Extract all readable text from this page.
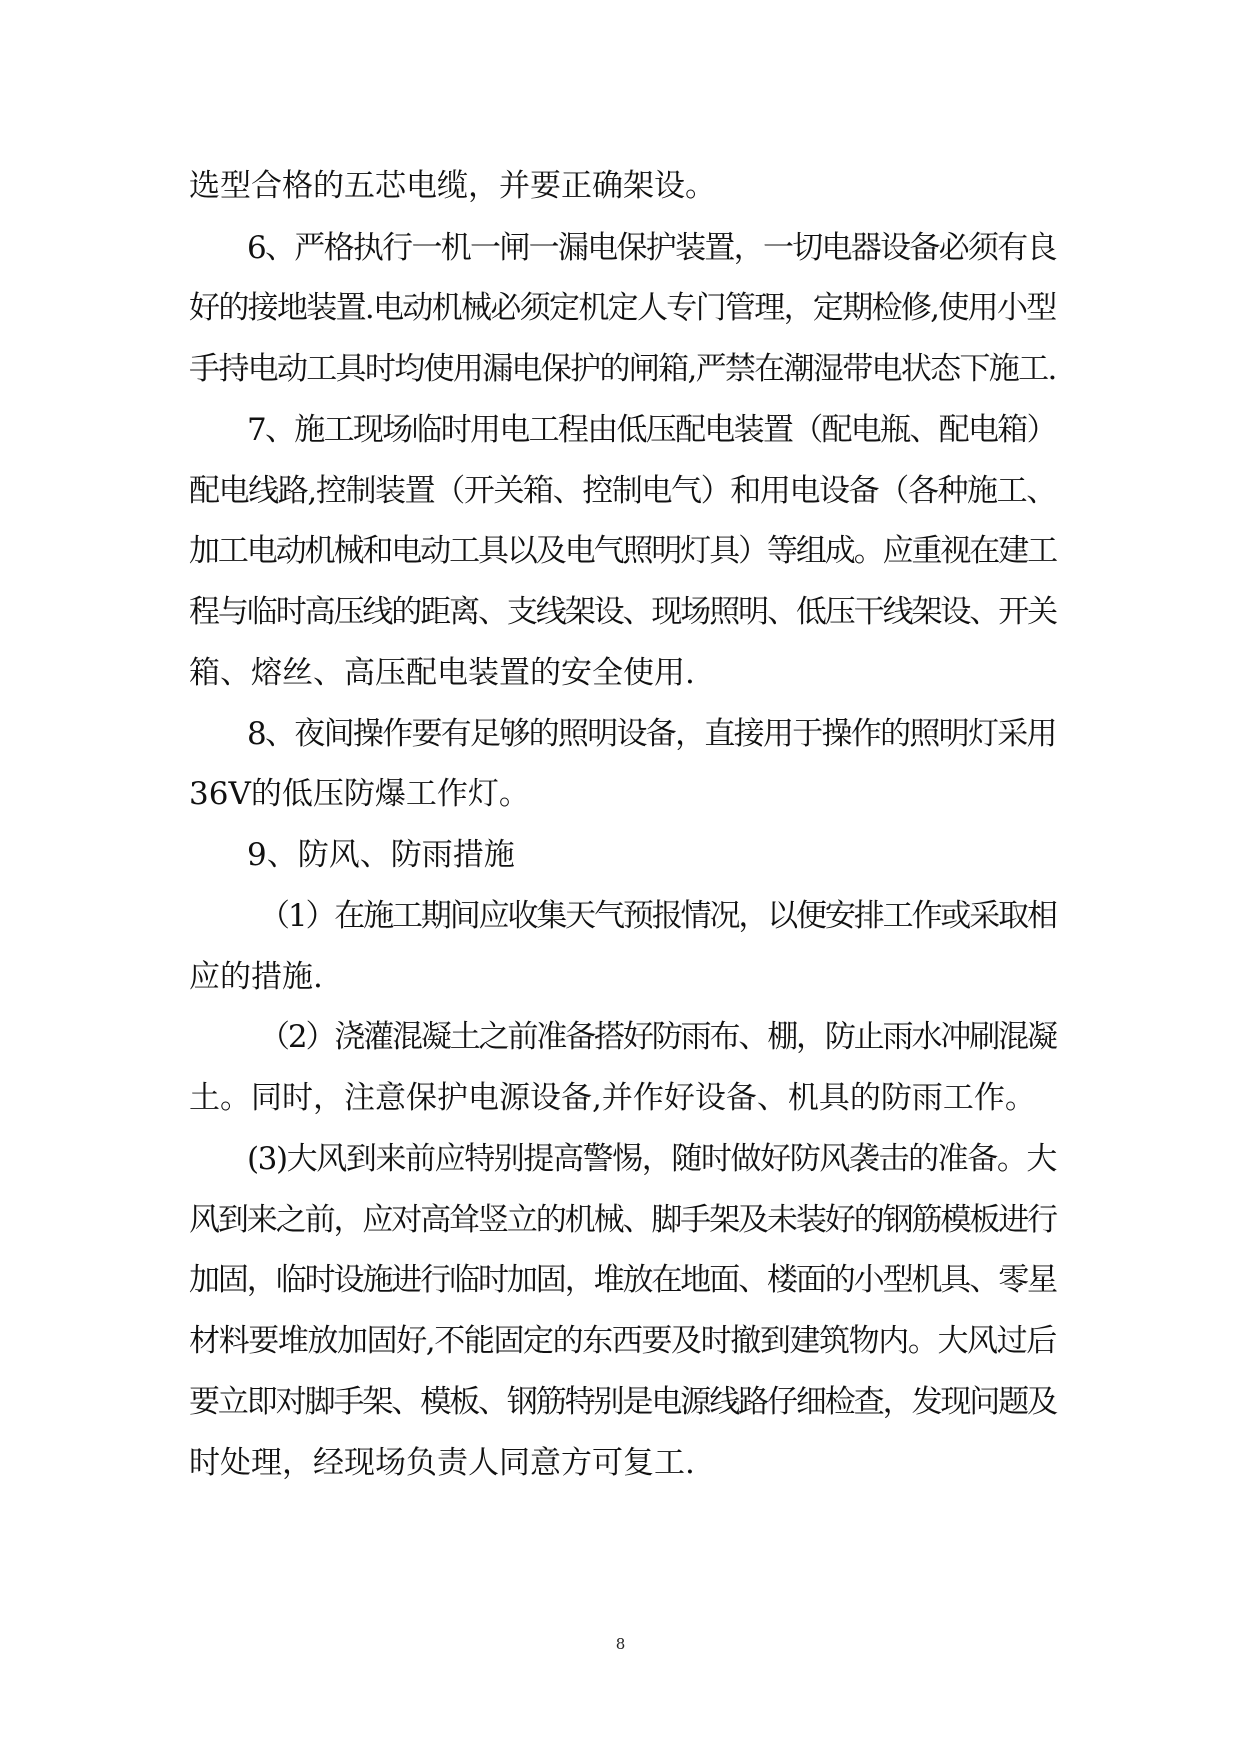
选型合格的五芯电缆，并要正确架设。
6、严格执行一机一闸一漏电保护装置，一切电器设备必须有良
好的接地装置.电动机械必须定机定人专门管理，定期检修,使用小型
手持电动工具时均使用漏电保护的闸箱,严禁在潮湿带电状态下施工.
7、施工现场临时用电工程由低压配电装置（配电瓶、配电箱）
配电线路,控制装置（开关箱、控制电气）和用电设备（各种施工、
加工电动机械和电动工具以及电气照明灯具）等组成。应重视在建工
程与临时高压线的距离、支线架设、现场照明、低压干线架设、开关
箱、熔丝、高压配电装置的安全使用.
8、夜间操作要有足够的照明设备，直接用于操作的照明灯采用
36V的低压防爆工作灯。
9、防风、防雨措施
（1）在施工期间应收集天气预报情况，以便安排工作或采取相
应的措施.
（2）浇灌混凝土之前准备搭好防雨布、棚，防止雨水冲刷混凝
土。同时，注意保护电源设备,并作好设备、机具的防雨工作。
(3)大风到来前应特别提高警惕，随时做好防风袭击的准备。大
风到来之前，应对高耸竖立的机械、脚手架及未装好的钢筋模板进行
加固，临时设施进行临时加固，堆放在地面、楼面的小型机具、零星
材料要堆放加固好,不能固定的东西要及时撤到建筑物内。大风过后
要立即对脚手架、模板、钢筋特别是电源线路仔细检查，发现问题及
时处理，经现场负责人同意方可复工.
8
